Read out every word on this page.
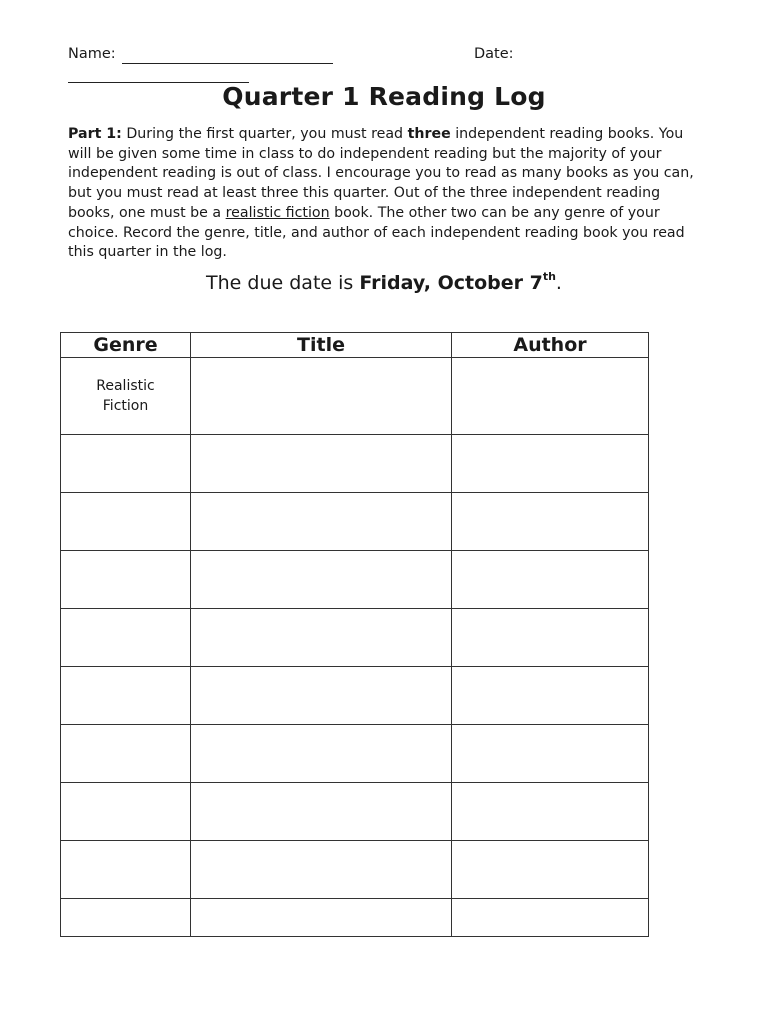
Name:	Date:
Quarter 1 Reading Log
Part 1: During the first quarter, you must read three independent reading books. You will be given some time in class to do independent reading but the majority of your independent reading is out of class. I encourage you to read as many books as you can, but you must read at least three this quarter. Out of the three independent reading books, one must be a realistic fiction book. The other two can be any genre of your choice. Record the genre, title, and author of each independent reading book you read this quarter in the log.
The due date is Friday, October 7th.
Genre	Title	Author
Realistic Fiction		
